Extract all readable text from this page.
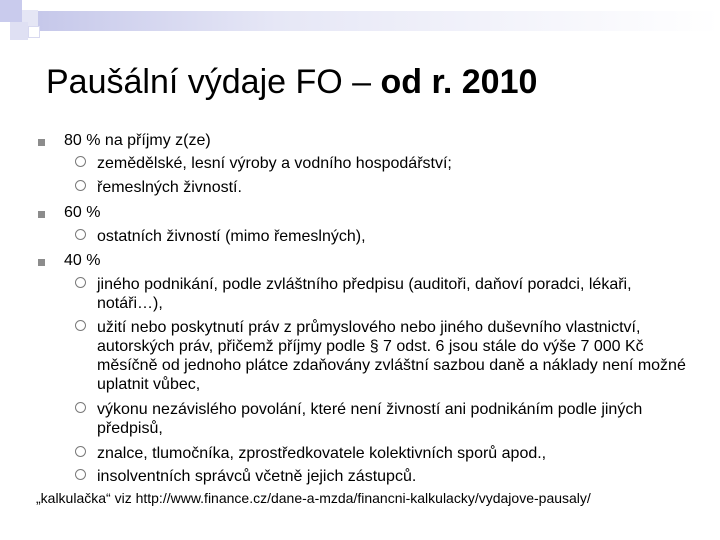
Paušální výdaje FO – od r. 2010
80 % na příjmy z(ze)
zemědělské, lesní výroby a vodního hospodářství;
řemeslných živností.
60 %
ostatních živností (mimo řemeslných),
40 %
jiného podnikání, podle zvláštního předpisu (auditoři, daňoví poradci, lékaři, notáři…),
užití nebo poskytnutí práv z průmyslového nebo jiného duševního vlastnictví, autorských práv, přičemž příjmy podle § 7 odst. 6 jsou stále do výše 7 000 Kč měsíčně od jednoho plátce zdaňovány zvláštní sazbou daně a náklady není možné uplatnit vůbec,
výkonu nezávislého povolání, které není živností ani podnikáním podle jiných předpisů,
znalce, tlumočníka, zprostředkovatele kolektivních sporů apod.,
insolventních správců včetně jejich zástupců.
„kalkulačka“ viz http://www.finance.cz/dane-a-mzda/financni-kalkulacky/vydajove-pausaly/
